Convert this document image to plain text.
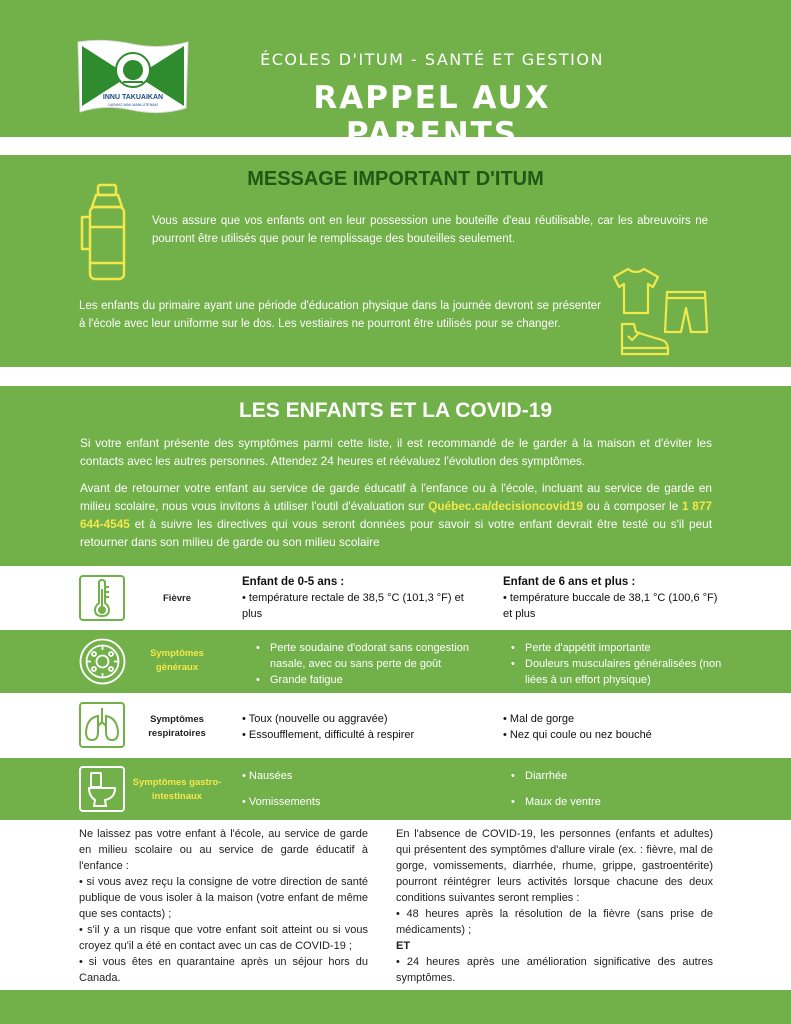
INNU TAKUAIKAN
UASHAT MAK MANI-UTENAM
ÉCOLES D'ITUM - SANTÉ ET GESTION
RAPPEL AUX PARENTS
MESSAGE IMPORTANT D'ITUM
Vous assure que vos enfants ont en leur possession une bouteille d'eau réutilisable, car les abreuvoirs ne pourront être utilisés que pour le remplissage des bouteilles seulement.
Les enfants du primaire ayant une période d'éducation physique dans la journée devront se présenter à l'école avec leur uniforme sur le dos. Les vestiaires ne pourront être utilisés pour se changer.
LES ENFANTS ET LA COVID-19
Si votre enfant présente des symptômes parmi cette liste, il est recommandé de le garder à la maison et d'éviter les contacts avec les autres personnes. Attendez 24 heures et réévaluez l'évolution des symptômes.
Avant de retourner votre enfant au service de garde éducatif à l'enfance ou à l'école, incluant au service de garde en milieu scolaire, nous vous invitons à utiliser l'outil d'évaluation sur Québec.ca/decisioncovid19 ou à composer le 1 877 644-4545 et à suivre les directives qui vous seront données pour savoir si votre enfant devrait être testé ou s'il peut retourner dans son milieu de garde ou son milieu scolaire
Fièvre
Enfant de 0-5 ans :
• température rectale de 38,5 °C (101,3 °F) et plus
Enfant de 6 ans et plus :
• température buccale de 38,1 °C (100,6 °F) et plus
Symptômes généraux
• Perte soudaine d'odorat sans congestion nasale, avec ou sans perte de goût
• Grande fatigue
• Perte d'appétit importante
• Douleurs musculaires généralisées (non liées à un effort physique)
Symptômes respiratoires
• Toux (nouvelle ou aggravée)
• Essoufflement, difficulté à respirer
• Mal de gorge
• Nez qui coule ou nez bouché
Symptômes gastro-intestinaux
• Nausées
• Vomissements
• Diarrhée
• Maux de ventre
Ne laissez pas votre enfant à l'école, au service de garde en milieu scolaire ou au service de garde éducatif à l'enfance :
• si vous avez reçu la consigne de votre direction de santé publique de vous isoler à la maison (votre enfant de même que ses contacts) ;
• s'il y a un risque que votre enfant soit atteint ou si vous croyez qu'il a été en contact avec un cas de COVID-19 ;
• si vous êtes en quarantaine après un séjour hors du Canada.
En l'absence de COVID-19, les personnes (enfants et adultes) qui présentent des symptômes d'allure virale (ex. : fièvre, mal de gorge, vomissements, diarrhée, rhume, grippe, gastroentérite) pourront réintégrer leurs activités lorsque chacune des deux conditions suivantes seront remplies :
• 48 heures après la résolution de la fièvre (sans prise de médicaments) ;
ET
• 24 heures après une amélioration significative des autres symptômes.
